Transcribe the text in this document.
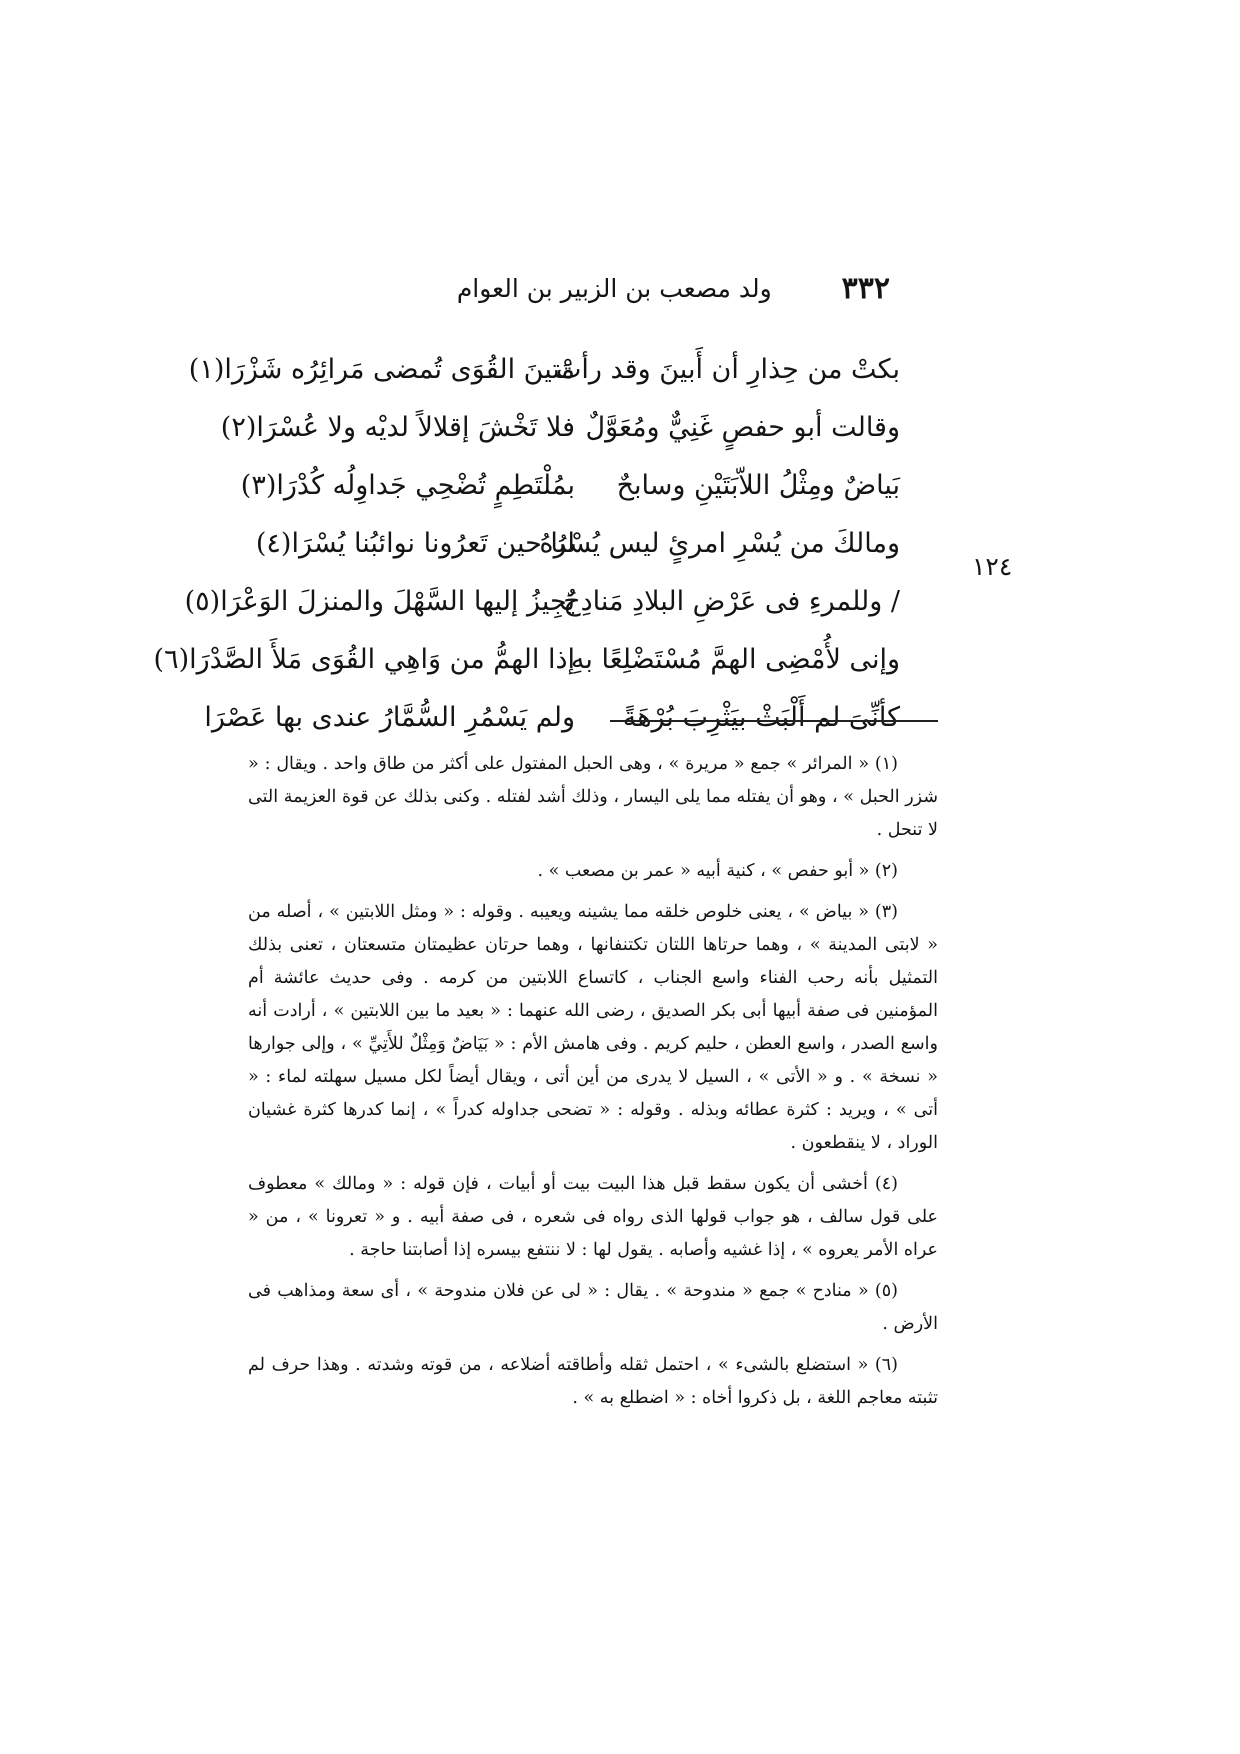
٣٣٢
ولد مصعب بن الزبير بن العوام
بكتْ من حِذارِ أن أَبينَ وقد رأتْ
مَتينَ القُوَى تُمضى مَرائِرُه شَزْرَا(١)
وقالت أبو حفصٍ غَنِيٌّ ومُعَوَّلٌ
فلا تَخْشَ إقلالاً لديْه ولا عُسْرَا(٢)
بَياضٌ ومِثْلُ اللاّبَتَيْنِ وسابحٌ
بمُلْتَطِمٍ تُضْحِي جَداوِلُه كُدْرَا(٣)
ومالكَ من يُسْرِ امرئٍ ليس يُسْرُهُ
لنا حين تَعرُونا نوائبُنا يُسْرَا(٤)
/ وللمرءِ فى عَرْضِ البلادِ مَنادِحٌ
يُجِيزُ إليها السَّهْلَ والمنزلَ الوَعْرَا(٥)
وإنى لأُمْضِى الهمَّ مُسْتَضْلِعًا بهِ
إذا الهمُّ من وَاهِي القُوَى مَلأَ الصَّدْرَا(٦)
كأنِّىَ لم أَلْبَثْ بيَثْرِبَ بُرْهَةً
ولم يَسْمُرِ السُّمَّارُ عندى بها عَصْرَا
١٢٤

(١) « المرائر » جمع « مريرة » ، وهى الحبل المفتول على أكثر من طاق واحد . ويقال : « شزر الحبل » ، وهو أن يفتله مما يلى اليسار ، وذلك أشد لفتله . وكنى بذلك عن قوة العزيمة التى لا تنحل .

(٢) « أبو حفص » ، كنية أبيه « عمر بن مصعب » .

(٣) « بياض » ، يعنى خلوص خلقه مما يشينه ويعيبه . وقوله : « ومثل اللابتين » ، أصله من « لابتى المدينة » ، وهما حرتاها اللتان تكتنفانها ، وهما حرتان عظيمتان متسعتان ، تعنى بذلك التمثيل بأنه رحب الفناء واسع الجناب ، كاتساع اللابتين من كرمه . وفى حديث عائشة أم المؤمنين فى صفة أبيها أبى بكر الصديق ، رضى الله عنهما : « بعيد ما بين اللابتين » ، أرادت أنه واسع الصدر ، واسع العطن ، حليم كريم . وفى هامش الأم : « بَيَاضٌ وَمِثْلٌ للأَتِيِّ » ، وإلى جوارها « نسخة » . و « الأتى » ، السيل لا يدرى من أين أتى ، ويقال أيضاً لكل مسيل سهلته لماء : « أتى » ، ويريد : كثرة عطائه وبذله . وقوله : « تضحى جداوله كدراً » ، إنما كدرها كثرة غشيان الوراد ، لا ينقطعون .

(٤) أخشى أن يكون سقط قبل هذا البيت بيت أو أبيات ، فإن قوله : « ومالك » معطوف على قول سالف ، هو جواب قولها الذى رواه فى شعره ، فى صفة أبيه . و « تعرونا » ، من « عراه الأمر يعروه » ، إذا غشيه وأصابه . يقول لها : لا ننتفع بيسره إذا أصابتنا حاجة .

(٥) « منادح » جمع « مندوحة » . يقال : « لى عن فلان مندوحة » ، أى سعة ومذاهب فى الأرض .

(٦) « استضلع بالشىء » ، احتمل ثقله وأطاقته أضلاعه ، من قوته وشدته . وهذا حرف لم تثبته معاجم اللغة ، بل ذكروا أخاه : « اضطلع به » .
